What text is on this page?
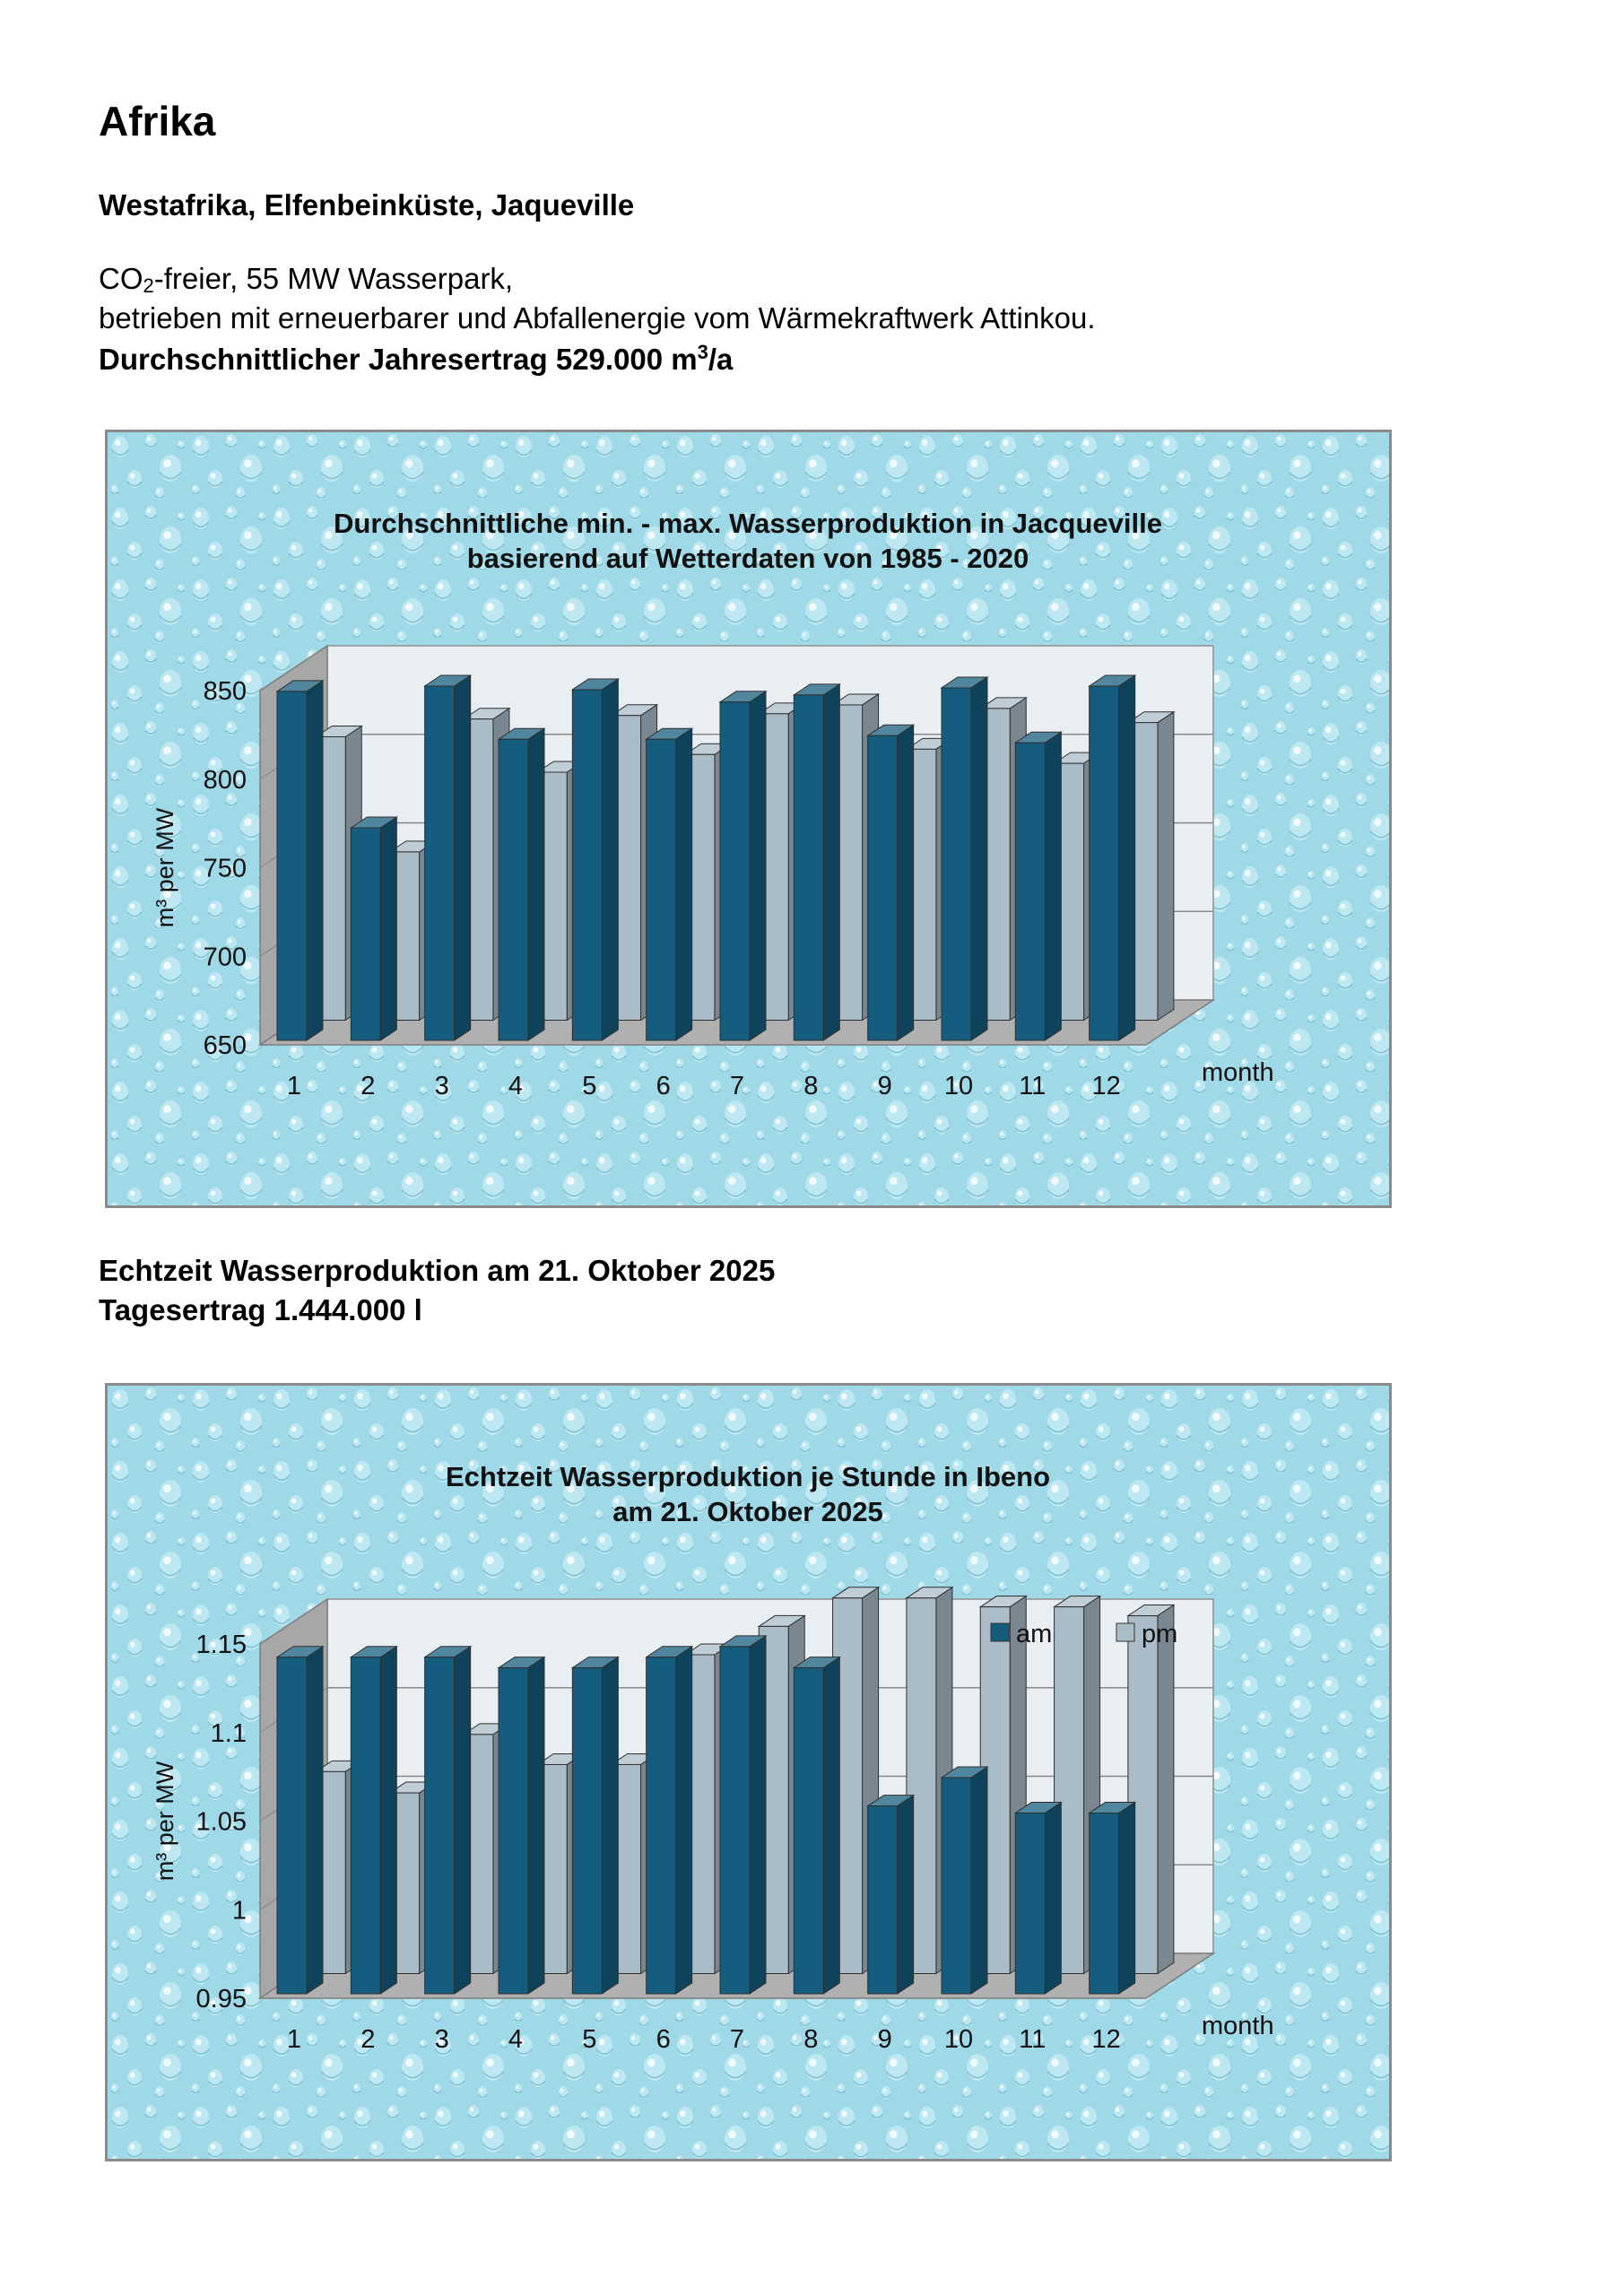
Afrika
Westafrika, Elfenbeinküste, Jaqueville

$CO_2$-freier, 55 MW Wasserpark,

betrieben mit erneuerbarer und Abfallenergie vom Wärmekraftwerk Attinkou.

Durchschnittlicher Jahresertrag 529.000 $m^3/a$

Durchschnittliche min. - max. Wasserproduktion in Jacqueville
basierend auf Wetterdaten von 1985 - 2020
850
800
750
700
650
m³ per MW
1 2 3 4 5 6 7 8 9 10 11 12	month
Echtzeit Wasserproduktion am 21. Oktober 2025
Tagesertrag 1.444.000 l
Echtzeit Wasserproduktion je Stunde in Ibeno
am 21. Oktober 2025
1.15
1.1
1.05
1
0.95
m³ per MW
1 2 3 4 5 6 7 8 9 10 11 12	month
am	pm
